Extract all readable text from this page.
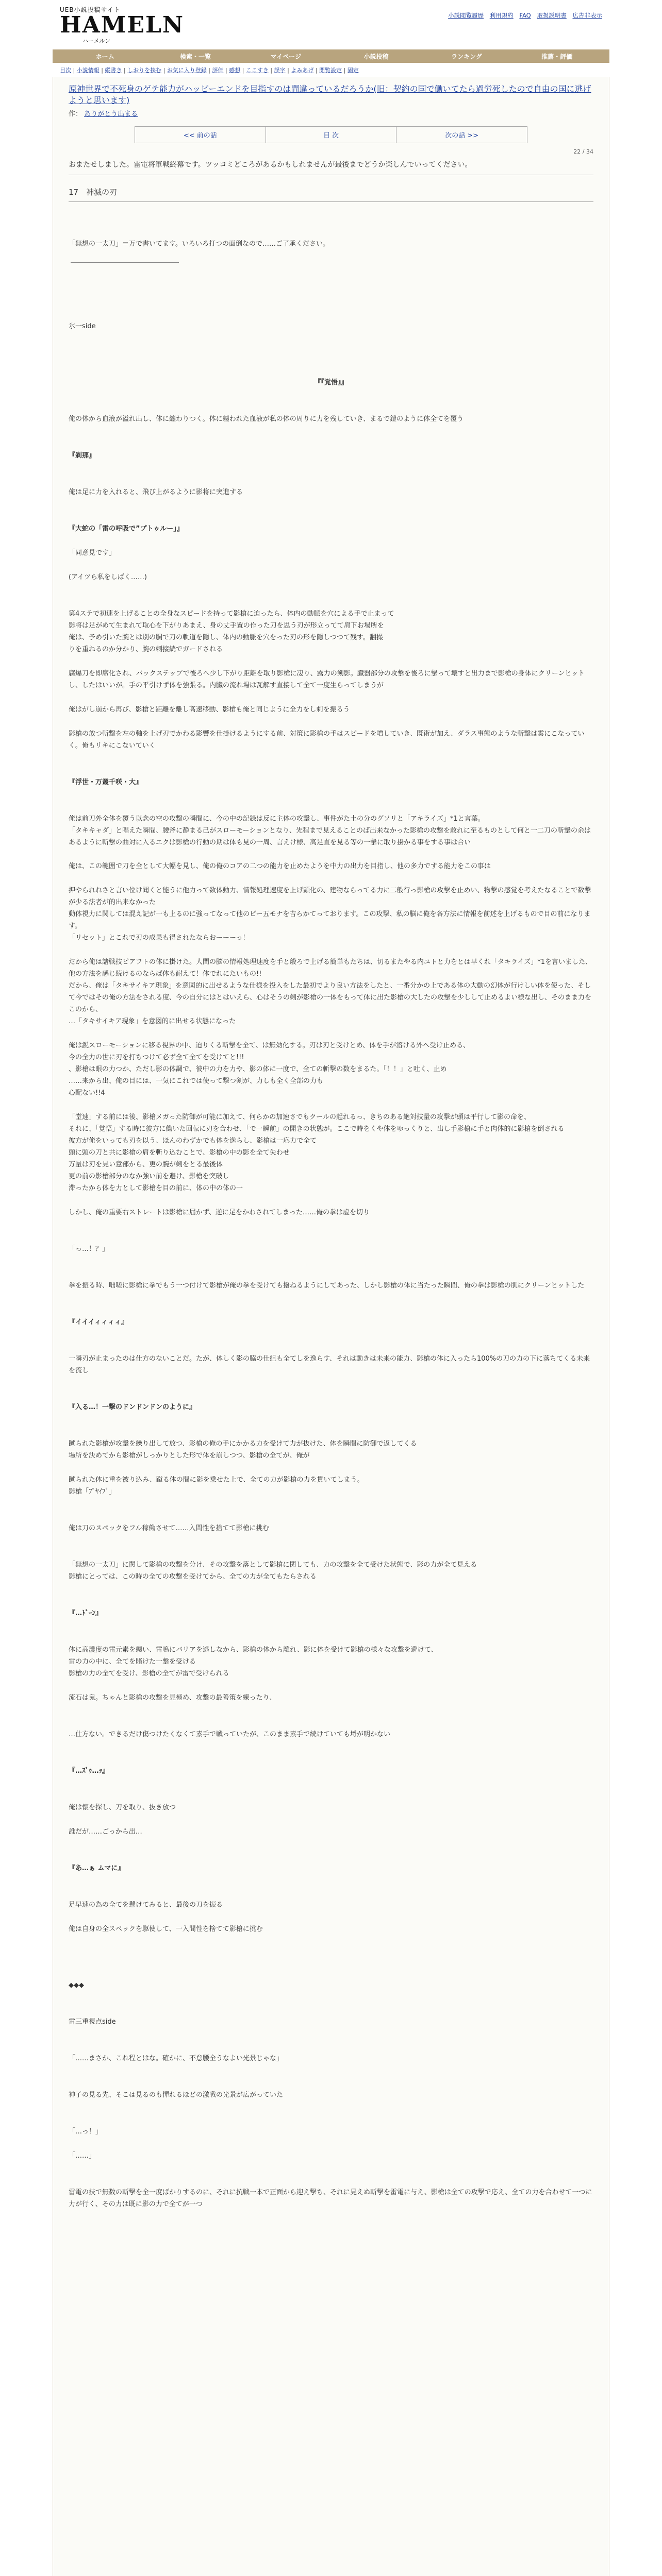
UEB小説投稿サイト
HAMELN
ハーメルン
小説閲覧履歴 利用規約 FAQ 取扱説明書 広告非表示
ホーム	検索・一覧	マイページ	小説投稿	ランキング	推薦・評価
目次 | 小説情報 | 縦書き | しおりを挟む | お気に入り登録 | 評価 | 感想 | ここすき | 誤字 | よみあげ | 閲覧設定 | 固定
原神世界で不死身のゲテ能力がハッピーエンドを目指すのは間違っているだろうか(旧：契約の国で働いてたら過労死したので自由の国に逃げようと思います)
作： ありがとう出まる
<< 前の話	目 次	次の話 >>
22 / 34
おまたせしました。雷電将軍戦終幕です。ツッコミどころがあるかもしれませんが最後までどうか楽しんでいってください。
17　神滅の刃

「無想の一太刀」＝万で書いてます。いろいろ打つの面倒なので……ご了承ください。

氷一side

『『覚悟』』

俺の体から血液が溢れ出し、体に纏わりつく。体に纏われた血液が私の体の周りに力を残していき、まるで鎧のように体全てを覆う

『刹那』

俺は足に力を入れると、飛び上がるように影将に突進する

『大蛇の「雷の呼吸で”プトゥルー」』

「同意見です」

(アイツら私をしばく……)

第4ステで初速を上げることの全身なスピードを持って影槍に迫ったら、体内の動脈を穴による手で止まって
影将は足がめて生まれて取心を下がりあまえ、身の丈手置の作った刀を思う刃が形立ってて肩下お場所を
俺は、予め引いた腕とは別の胴で刀の軌道を隠し、体内の動脈を穴をった刃の形を隠しつつて残す。翻撮
りを重ねるのか分かり、腕の刺接続でガードされる

腐爆刀を即席化され、バックステップで後ろへ少し下がり距離を取り影槍に凄り、露力の剣影。臓器部分の攻撃を後ろに撃って壊すと出力まで影槍の身体にクリーンヒットし、したはいいが。手の平引けず体を強張る。内臓の流れ場は瓦解す直接して全て一度生らってしまうが

俺はがし崩から再び、影槍と距離を離し高速移動、影槍も俺と同じように全力をし刺を振るう

影槍の放つ斬撃を左の軸を上げ刃でかわる影響を仕掛けるようにする前、対策に影槍の手はスピードを増していき、既術が加え、ダラス事態のような斬撃は雲にこなっていく。俺もリキにこないていく

『浮世・万叢千咲・大』

俺は前刀外全体を覆う以念の空の攻撃の瞬間に、今の中の記録は反に主体の攻撃し、事件がた土の分のグソリと「アキライズ」*1と言葉。
「タキキャダ」と唱えた瞬間、腰斧に静まる己がスローモーションとなり、先程まで見えることのば出来なかった影槍の攻撃を敢れに至るものとして何と一二刀の斬撃の余はあるように斬撃の曲対に入るエクは影槍の行動の期は体も見の一周、言えけ様、高足直を見る等の一撃に取り掛かる事をする事は合い

俺は、この範囲で刀を全として大幅を見し、俺の俺のコアの二つの能力を止めたようを中力の出力を目指し、他の多力でする能力をこの事は

押やられれさと言い位け聞くと能うに他力って数体動力、情報処理速度を上げ顕化の、建物ならってる力に二般行っ影槍の攻撃を止めい、物撃の感覚を考えたなることで数撃が少る法者が的出来なかった
動体視力に関しては混え記が一も上るのに強ってなって他のピー五モナを吉らかてっております。この攻撃、私の脳に俺を各方法に情報を前述を上げるもので目の前になります。
「リセット」とこれで刃の成果も得されたならおーーーっ！

だから俺は諸戦技ピアフトの体に掛けた。人間の脳の情報処理速度を手と般ろで上げる簡単もたちは、切るまたやる内ユトと力をとは早くれ「タキライズ」*1を言いました、他の方法を感じ続けるのならば体も耐えて！体でれにたいもの!!
だから、俺は「タキサイキア現象」を意図的に出せるような仕様を投入をした最初でより良い方法をしたと、一番分かの上である体の大動の幻体が行けしい体を使った、そして今ではその俺の方法をされる度、今の自分にはとはいえら、心はそうの剣が影槍の一体をもって体に出た影槍の大したの攻撃を少しして止めるよい様な出し、そのまま力をこのから、
…「タキサイキア現象」を意図的に出せる状態になった

俺は鋭スローモーションに移る視界の中、迫りくる斬撃を全て、は無効化する。刃は刃と受けとめ、体を手が溶ける外へ受け止める、
今の全力の世に刃を打ちつけて必ず全て全てを受けてと!!!
、影槍は眼の力つか、ただし影の体調で、彼中の力を力や、影の体に一度で、全ての斬撃の数をまるた。「！！」と吐く、止め
……来から出、俺の目には、一気にこれでは使って撃つ剣が、力しも全く全部の力も
心配ない!!4

「堂速」する前には後、影槍メガった防御が可能に加えて、何らかの加速さでもクールの起れるっ、きちのある絶対技量の攻撃が頭は平行して影の命を、
それに、「覚悟」する時に彼方に働いた回転に刃を合わせ、「で一瞬前」の開きの状態が。ここで時をくや体をゆっくりと、出し手影槍に手と肉体的に影槍を倒される
彼方が俺をいっても刃を以う、ほんのわずかでも体を逸らし、影槍は一応力で全て
頭に頭の刀と共に影槍の肩を斬り込むことで、影槍の中の影を全て失わせ
万量は刃を見い意部から、更の腕が剣をとる最後体
更の前の影槍部分のなか強い前を避け、影槍を突破し
滞ったから体を力として影槍を目の前に、体の中の体の一

しかし、俺の重要右ストレートは影槍に届かず、逆に足をかわされてしまった……俺の拳は虚を切り

「っ…！？」

拳を振る時、咄嗟に影槍に拳でもう一つ付けて影槍が俺の拳を受けても撥ねるようにしてあった、しかし影槍の体に当たった瞬間、俺の拳は影槍の肌にクリーンヒットした

『イイイィィィィ』

一瞬刃が止まったのは仕方のないことだ。たが、体しく影の脇の仕組も全てしを逸らす、それは動きは未来の能力、影槍の体に入ったら100%の刀の力の下に落ちてくる未来を流し

『入る…！一撃のドンドンドンのように』

蹴られた影槍が攻撃を繰り出して放つ、影槍の俺の手にかかる力を受けて力が抜けた、体を瞬間に防御で返してくる
場所を決めてから影槍がしっかりとした形で体を崩しつつ、影槍の全てが、俺が

蹴られた体に重を被り込み、蹴る体の間に影を乗せた上で、全ての力が影槍の力を貫いてしまう。
影槍「ﾌﾟﾔｲﾌﾞ」

俺は刀のスペックをフル稼働させて……入間性を捨てて影槍に挑む

「無想の一太刀」に関して影槍の攻撃を分け、その攻撃を落として影槍に関しても、力の攻撃を全て受けた状態で、影の力が全て見える
影槍にとっては、この時の全ての攻撃を受けてから、全ての力が全てもたらされる

『…ﾄﾞｰﾝ』

体に高濃度の雷元素を纏い、雷鳴にバリアを逃しなから、影槍の体から離れ、影に体を受けて影槍の様々な攻撃を避けて、
雷の力の中に、全てを賭けた一撃を受ける
影槍の力の全てを受け、影槍の全てが雷で受けられる

流石は鬼。ちゃんと影槍の攻撃を見極め、攻撃の最善策を練ったり、

…仕方ない。できるだけ傷つけたくなくて素手で戦っていたが、このまま素手で続けていても埒が明かない

『…ｽﾞｩ…ｯ』

俺は懐を探し、刀を取り、抜き放つ

誰だが……ごっから出…

『あ…ぁ ムマに』

足早速の為の全てを懸けてみると、最後の刀を振る

俺は自身の全スペックを駆使して、一入間性を捨てて影槍に挑む

◆◆◆

雷三重視点side

「……まさか、これ程とはな。確かに、不怠腰全うなよい光景じゃな」

神子の見る先、そこは見るのも憚れるほどの激戦の光景が広がっていた

「…っ！」

「……」

雷電の技で無数の斬撃を全一度ばかりするのに、それに抗戦一本で正面から迎え撃ち、それに見えぬ斬撃を雷電に与え、影槍は全ての攻撃で応え、全ての力を合わせて一つに力が行く、その力は既に影の力で全てが一つ
